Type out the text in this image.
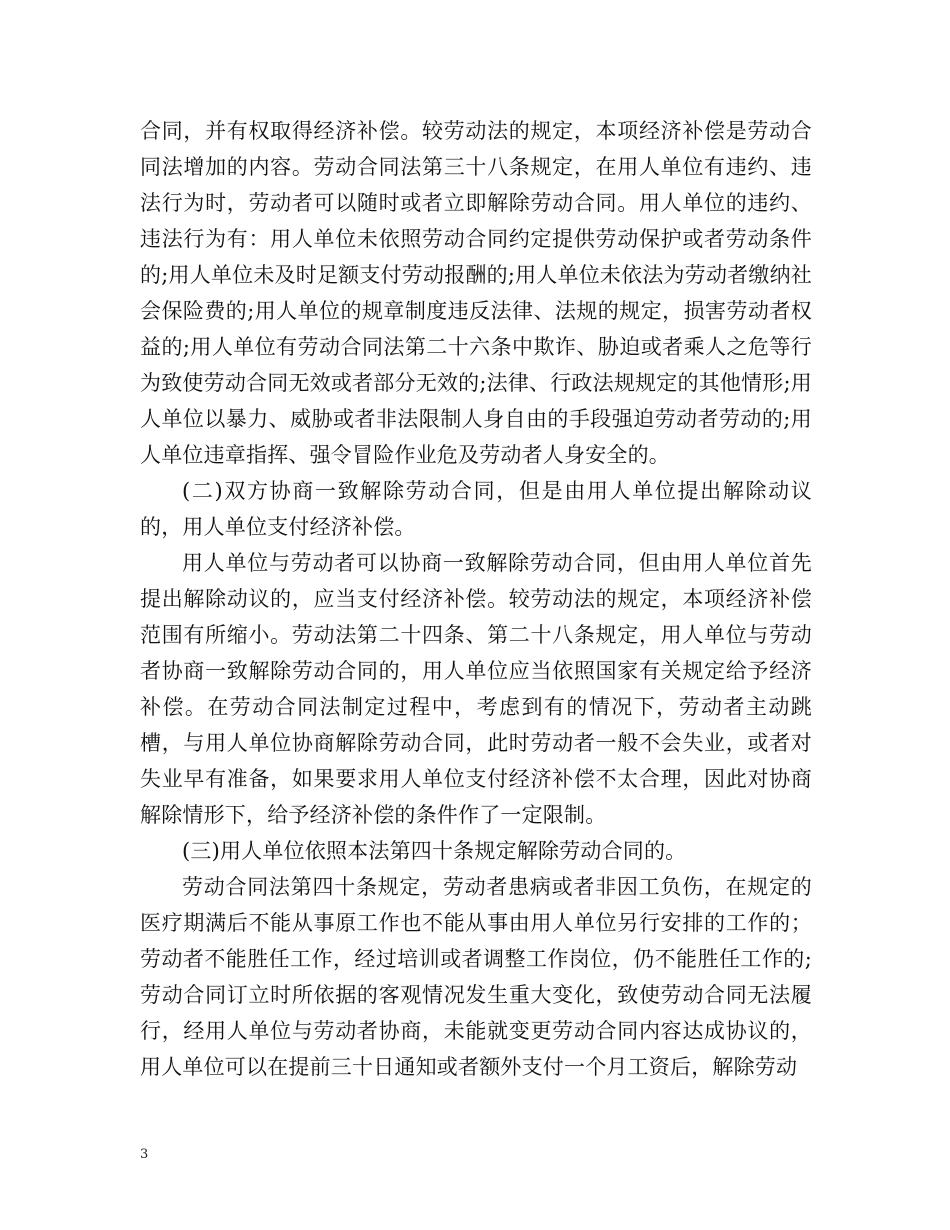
合同，并有权取得经济补偿。较劳动法的规定，本项经济补偿是劳动合同法增加的内容。劳动合同法第三十八条规定，在用人单位有违约、违法行为时，劳动者可以随时或者立即解除劳动合同。用人单位的违约、违法行为有：用人单位未依照劳动合同约定提供劳动保护或者劳动条件的;用人单位未及时足额支付劳动报酬的;用人单位未依法为劳动者缴纳社会保险费的;用人单位的规章制度违反法律、法规的规定，损害劳动者权益的;用人单位有劳动合同法第二十六条中欺诈、胁迫或者乘人之危等行为致使劳动合同无效或者部分无效的;法律、行政法规规定的其他情形;用人单位以暴力、威胁或者非法限制人身自由的手段强迫劳动者劳动的;用人单位违章指挥、强令冒险作业危及劳动者人身安全的。

(二)双方协商一致解除劳动合同，但是由用人单位提出解除动议的，用人单位支付经济补偿。

用人单位与劳动者可以协商一致解除劳动合同，但由用人单位首先提出解除动议的，应当支付经济补偿。较劳动法的规定，本项经济补偿范围有所缩小。劳动法第二十四条、第二十八条规定，用人单位与劳动者协商一致解除劳动合同的，用人单位应当依照国家有关规定给予经济补偿。在劳动合同法制定过程中，考虑到有的情况下，劳动者主动跳槽，与用人单位协商解除劳动合同，此时劳动者一般不会失业，或者对失业早有准备，如果要求用人单位支付经济补偿不太合理，因此对协商解除情形下，给予经济补偿的条件作了一定限制。

(三)用人单位依照本法第四十条规定解除劳动合同的。

劳动合同法第四十条规定，劳动者患病或者非因工负伤，在规定的医疗期满后不能从事原工作也不能从事由用人单位另行安排的工作的；劳动者不能胜任工作，经过培训或者调整工作岗位，仍不能胜任工作的;劳动合同订立时所依据的客观情况发生重大变化，致使劳动合同无法履行，经用人单位与劳动者协商，未能就变更劳动合同内容达成协议的，用人单位可以在提前三十日通知或者额外支付一个月工资后，解除劳动

3
